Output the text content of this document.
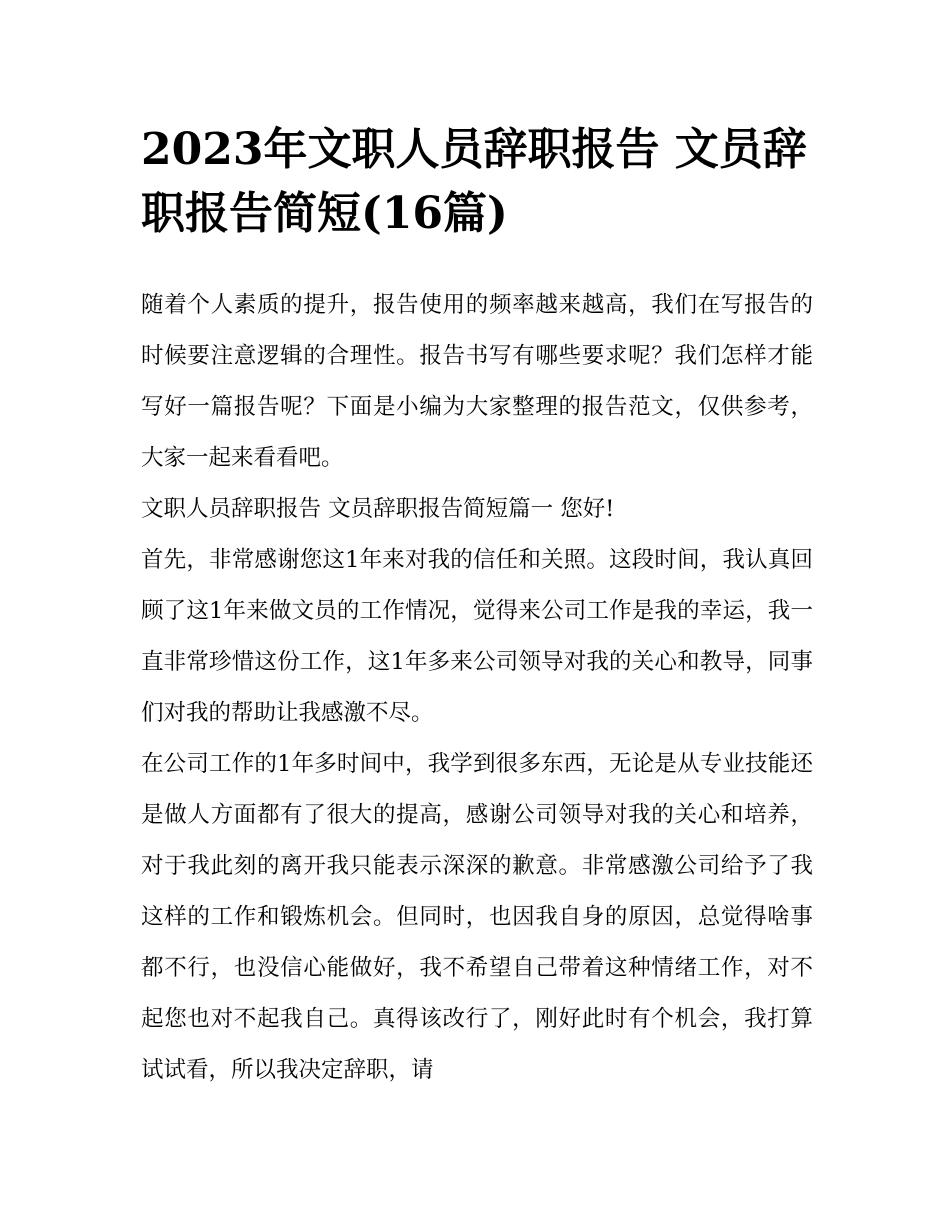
2023年文职人员辞职报告 文员辞职报告简短(16篇)

随着个人素质的提升，报告使用的频率越来越高，我们在写报告的时候要注意逻辑的合理性。报告书写有哪些要求呢？我们怎样才能写好一篇报告呢？下面是小编为大家整理的报告范文，仅供参考，大家一起来看看吧。

文职人员辞职报告 文员辞职报告简短篇一 您好!

首先，非常感谢您这1年来对我的信任和关照。这段时间，我认真回顾了这1年来做文员的工作情况，觉得来公司工作是我的幸运，我一直非常珍惜这份工作，这1年多来公司领导对我的关心和教导，同事们对我的帮助让我感激不尽。

在公司工作的1年多时间中，我学到很多东西，无论是从专业技能还是做人方面都有了很大的提高，感谢公司领导对我的关心和培养，对于我此刻的离开我只能表示深深的歉意。非常感激公司给予了我这样的工作和锻炼机会。但同时，也因我自身的原因，总觉得啥事都不行，也没信心能做好，我不希望自己带着这种情绪工作，对不起您也对不起我自己。真得该改行了，刚好此时有个机会，我打算试试看，所以我决定辞职，请
